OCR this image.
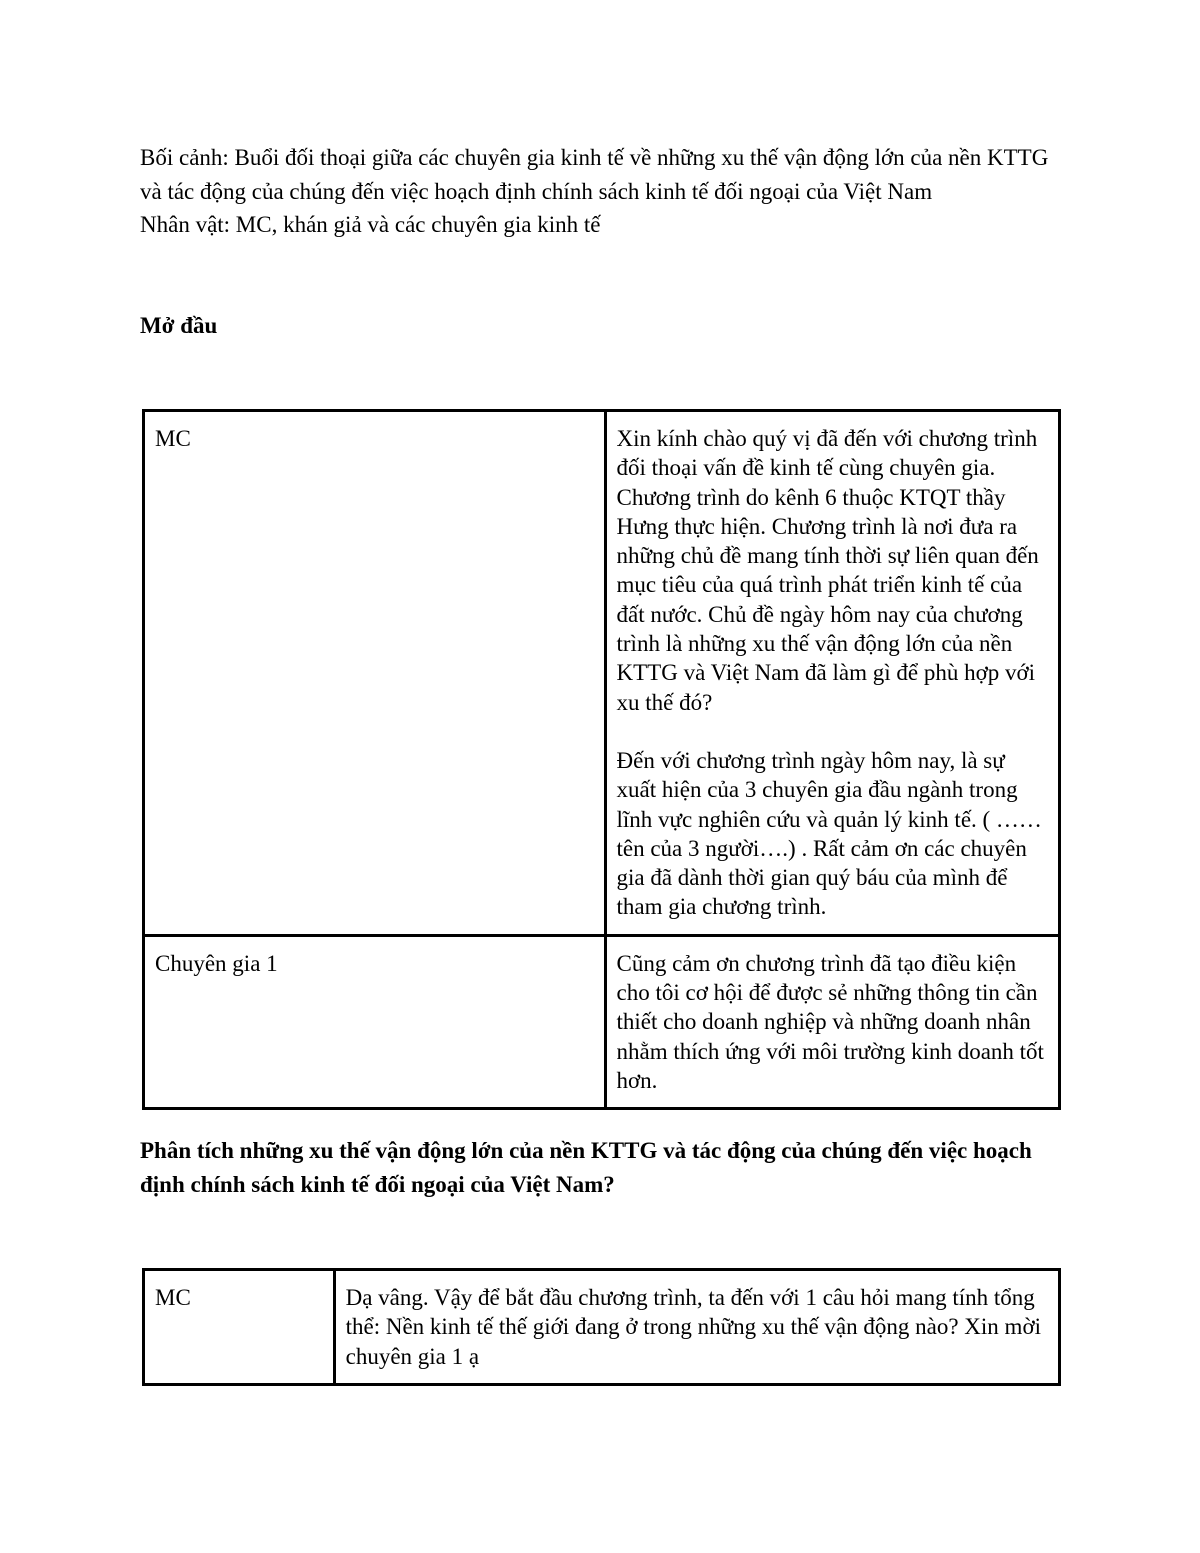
Bối cảnh: Buổi đối thoại giữa các chuyên gia kinh tế về những xu thế vận động lớn của nền KTTG và tác động của chúng đến việc hoạch định chính sách kinh tế đối ngoại của Việt Nam

Nhân vật: MC, khán giả và các chuyên gia kinh tế

Mở đầu

MC	Xin kính chào quý vị đã đến với chương trình đối thoại vấn đề kinh tế cùng chuyên gia. Chương trình do kênh 6 thuộc KTQT thầy Hưng thực hiện. Chương trình là nơi đưa ra những chủ đề mang tính thời sự liên quan đến mục tiêu của quá trình phát triển kinh tế của đất nước. Chủ đề ngày hôm nay của chương trình là những xu thế vận động lớn của nền KTTG và Việt Nam đã làm gì để phù hợp với xu thế đó?

Đến với chương trình ngày hôm nay, là sự xuất hiện của 3 chuyên gia đầu ngành trong lĩnh vực nghiên cứu và quản lý kinh tế. ( …… tên của 3 người….) . Rất cảm ơn các chuyên gia đã dành thời gian quý báu của mình để tham gia chương trình.

Chuyên gia 1	Cũng cảm ơn chương trình đã tạo điều kiện cho tôi cơ hội để được sẻ những thông tin cần thiết cho doanh nghiệp và những doanh nhân nhằm thích ứng với môi trường kinh doanh tốt hơn.

Phân tích những xu thế vận động lớn của nền KTTG và tác động của chúng đến việc hoạch định chính sách kinh tế đối ngoại của Việt Nam?

MC	Dạ vâng. Vậy để bắt đầu chương trình, ta đến với 1 câu hỏi mang tính tổng thể: Nền kinh tế thế giới đang ở trong những xu thế vận động nào? Xin mời chuyên gia 1 ạ
